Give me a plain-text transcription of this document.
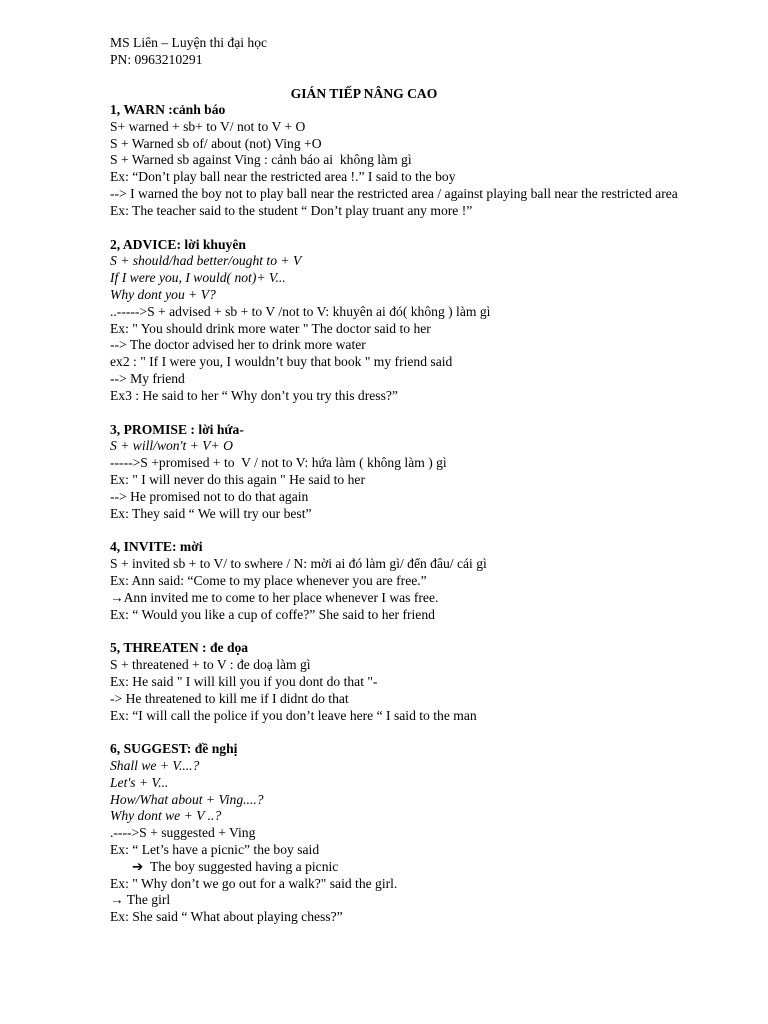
MS Liên – Luyện thi đại học
PN: 0963210291
GIÁN TIẾP NÂNG CAO
1, WARN :cảnh báo
S+ warned + sb+ to V/ not to V + O
S + Warned sb of/ about (not) Ving +O
S + Warned sb against Ving : cảnh báo ai  không làm gì
Ex: “Don’t play ball near the restricted area !.” I said to the boy
--> I warned the boy not to play ball near the restricted area / against playing ball near the restricted area
Ex: The teacher said to the student “ Don’t play truant any more !”
2, ADVICE: lời khuyên
S + should/had better/ought to + V
If I were you, I would( not)+ V...
Why dont you + V?
..----->S + advised + sb + to V /not to V: khuyên ai đó( không ) làm gì
Ex: " You should drink more water " The doctor said to her
--> The doctor advised her to drink more water
ex2 : " If I were you, I wouldn’t buy that book " my friend said
--> My friend
Ex3 : He said to her “ Why don’t you try this dress?”
3, PROMISE : lời hứa-
S + will/won't + V+ O
----->S +promised + to  V / not to V: hứa làm ( không làm ) gì
Ex: " I will never do this again " He said to her
--> He promised not to do that again
Ex: They said “ We will try our best”
4, INVITE: mời
S + invited sb + to V/ to swhere / N: mời ai đó làm gì/ đến đâu/ cái gì
Ex: Ann said: “Come to my place whenever you are free.”
→Ann invited me to come to her place whenever I was free.
Ex: “ Would you like a cup of coffe?” She said to her friend
5, THREATEN : đe dọa
S + threatened + to V : đe doạ làm gì
Ex: He said " I will kill you if you dont do that "-
-> He threatened to kill me if I didnt do that
Ex: “I will call the police if you don’t leave here “ I said to the man
6, SUGGEST: đề nghị
Shall we + V....?
Let's + V...
How/What about + Ving....?
Why dont we + V ..?
.---->S + suggested + Ving
Ex: “ Let’s have a picnic” the boy said
➔  The boy suggested having a picnic
Ex: " Why don’t we go out for a walk?" said the girl.
→ The girl
Ex: She said “ What about playing chess?”
